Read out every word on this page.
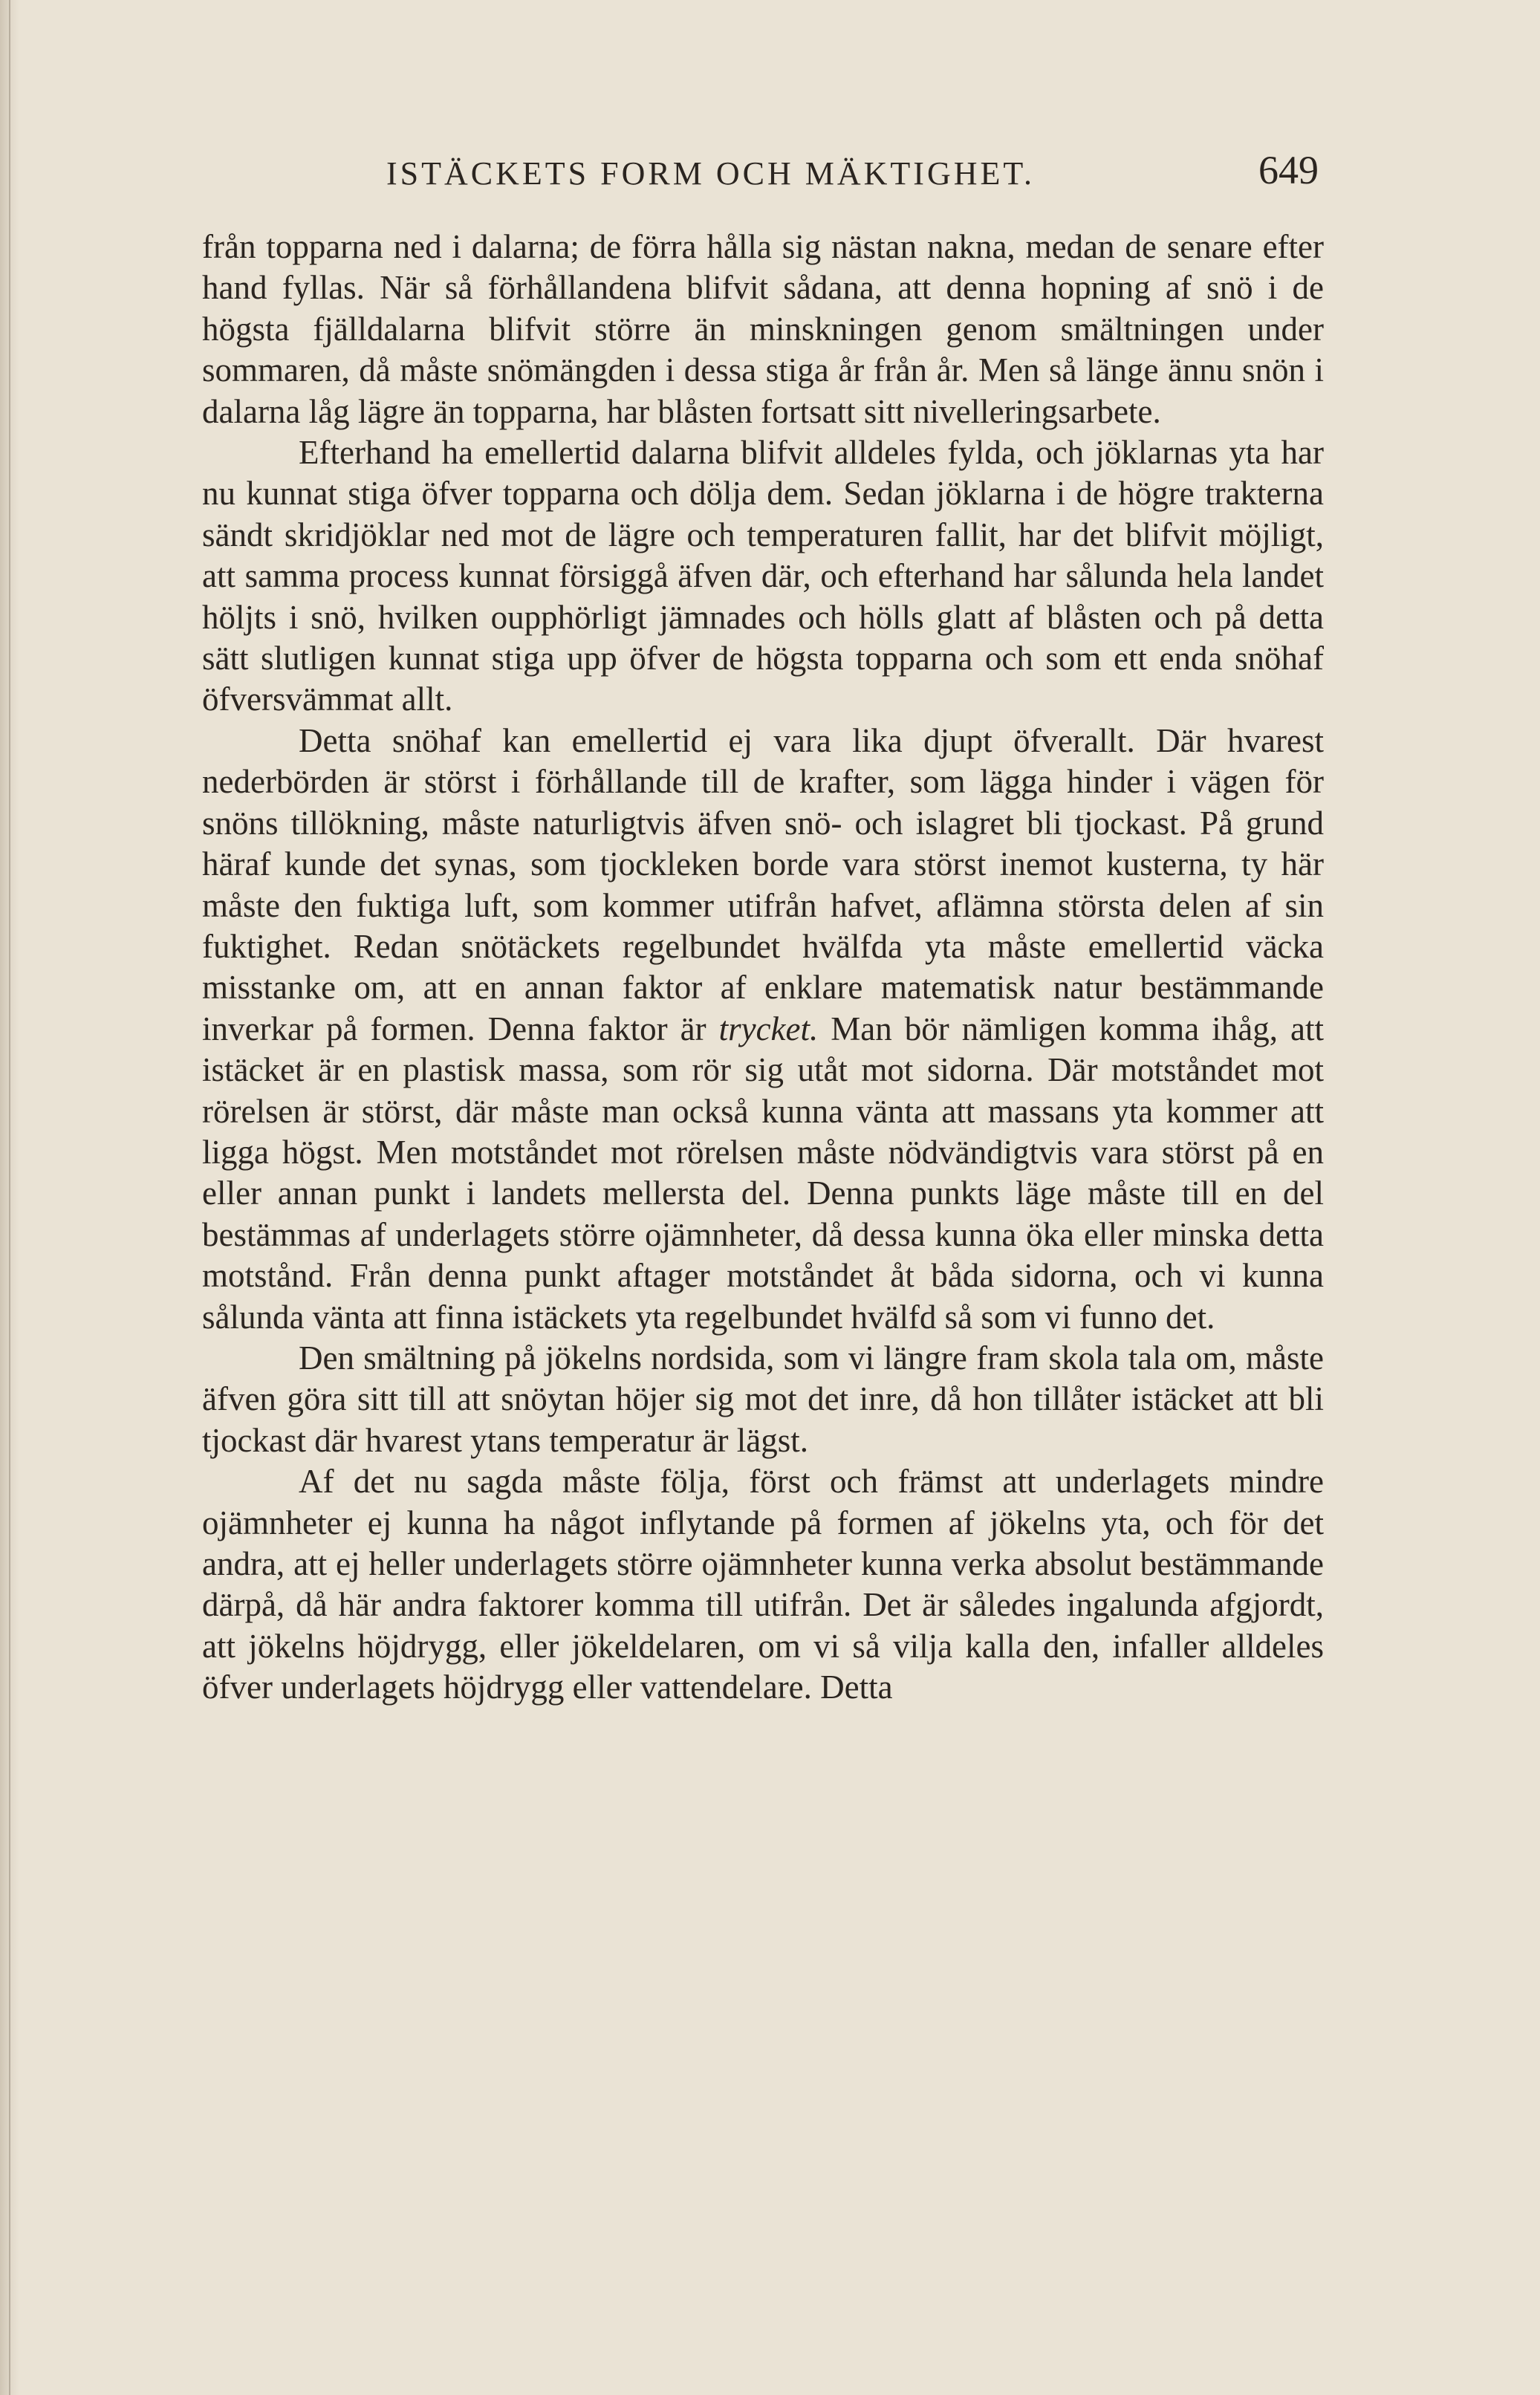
ISTÄCKETS FORM OCH MÄKTIGHET.	649

från topparna ned i dalarna; de förra hålla sig nästan nakna, medan de senare efter hand fyllas. När så förhållandena blifvit sådana, att denna hopning af snö i de högsta fjälldalarna blifvit större än minskningen genom smältningen under sommaren, då måste snömängden i dessa stiga år från år. Men så länge ännu snön i dalarna låg lägre än topparna, har blåsten fortsatt sitt nivelleringsarbete.

Efterhand ha emellertid dalarna blifvit alldeles fylda, och jöklarnas yta har nu kunnat stiga öfver topparna och dölja dem. Sedan jöklarna i de högre trakterna sändt skridjöklar ned mot de lägre och temperaturen fallit, har det blifvit möjligt, att samma process kunnat försiggå äfven där, och efterhand har sålunda hela landet höljts i snö, hvilken oupphörligt jämnades och hölls glatt af blåsten och på detta sätt slutligen kunnat stiga upp öfver de högsta topparna och som ett enda snöhaf öfversvämmat allt.

Detta snöhaf kan emellertid ej vara lika djupt öfverallt. Där hvarest nederbörden är störst i förhållande till de krafter, som lägga hinder i vägen för snöns tillökning, måste naturligtvis äfven snö- och islagret bli tjockast. På grund häraf kunde det synas, som tjockleken borde vara störst inemot kusterna, ty här måste den fuktiga luft, som kommer utifrån hafvet, aflämna största delen af sin fuktighet. Redan snötäckets regelbundet hvälfda yta måste emellertid väcka misstanke om, att en annan faktor af enklare matematisk natur bestämmande inverkar på formen. Denna faktor är trycket. Man bör nämligen komma ihåg, att istäcket är en plastisk massa, som rör sig utåt mot sidorna. Där motståndet mot rörelsen är störst, där måste man också kunna vänta att massans yta kommer att ligga högst. Men motståndet mot rörelsen måste nödvändigtvis vara störst på en eller annan punkt i landets mellersta del. Denna punkts läge måste till en del bestämmas af underlagets större ojämnheter, då dessa kunna öka eller minska detta motstånd. Från denna punkt aftager motståndet åt båda sidorna, och vi kunna sålunda vänta att finna istäckets yta regelbundet hvälfd så som vi funno det.

Den smältning på jökelns nordsida, som vi längre fram skola tala om, måste äfven göra sitt till att snöytan höjer sig mot det inre, då hon tillåter istäcket att bli tjockast där hvarest ytans temperatur är lägst.

Af det nu sagda måste följa, först och främst att underlagets mindre ojämnheter ej kunna ha något inflytande på formen af jökelns yta, och för det andra, att ej heller underlagets större ojämnheter kunna verka absolut bestämmande därpå, då här andra faktorer komma till utifrån. Det är således ingalunda afgjordt, att jökelns höjdrygg, eller jökeldelaren, om vi så vilja kalla den, infaller alldeles öfver underlagets höjdrygg eller vattendelare. Detta
